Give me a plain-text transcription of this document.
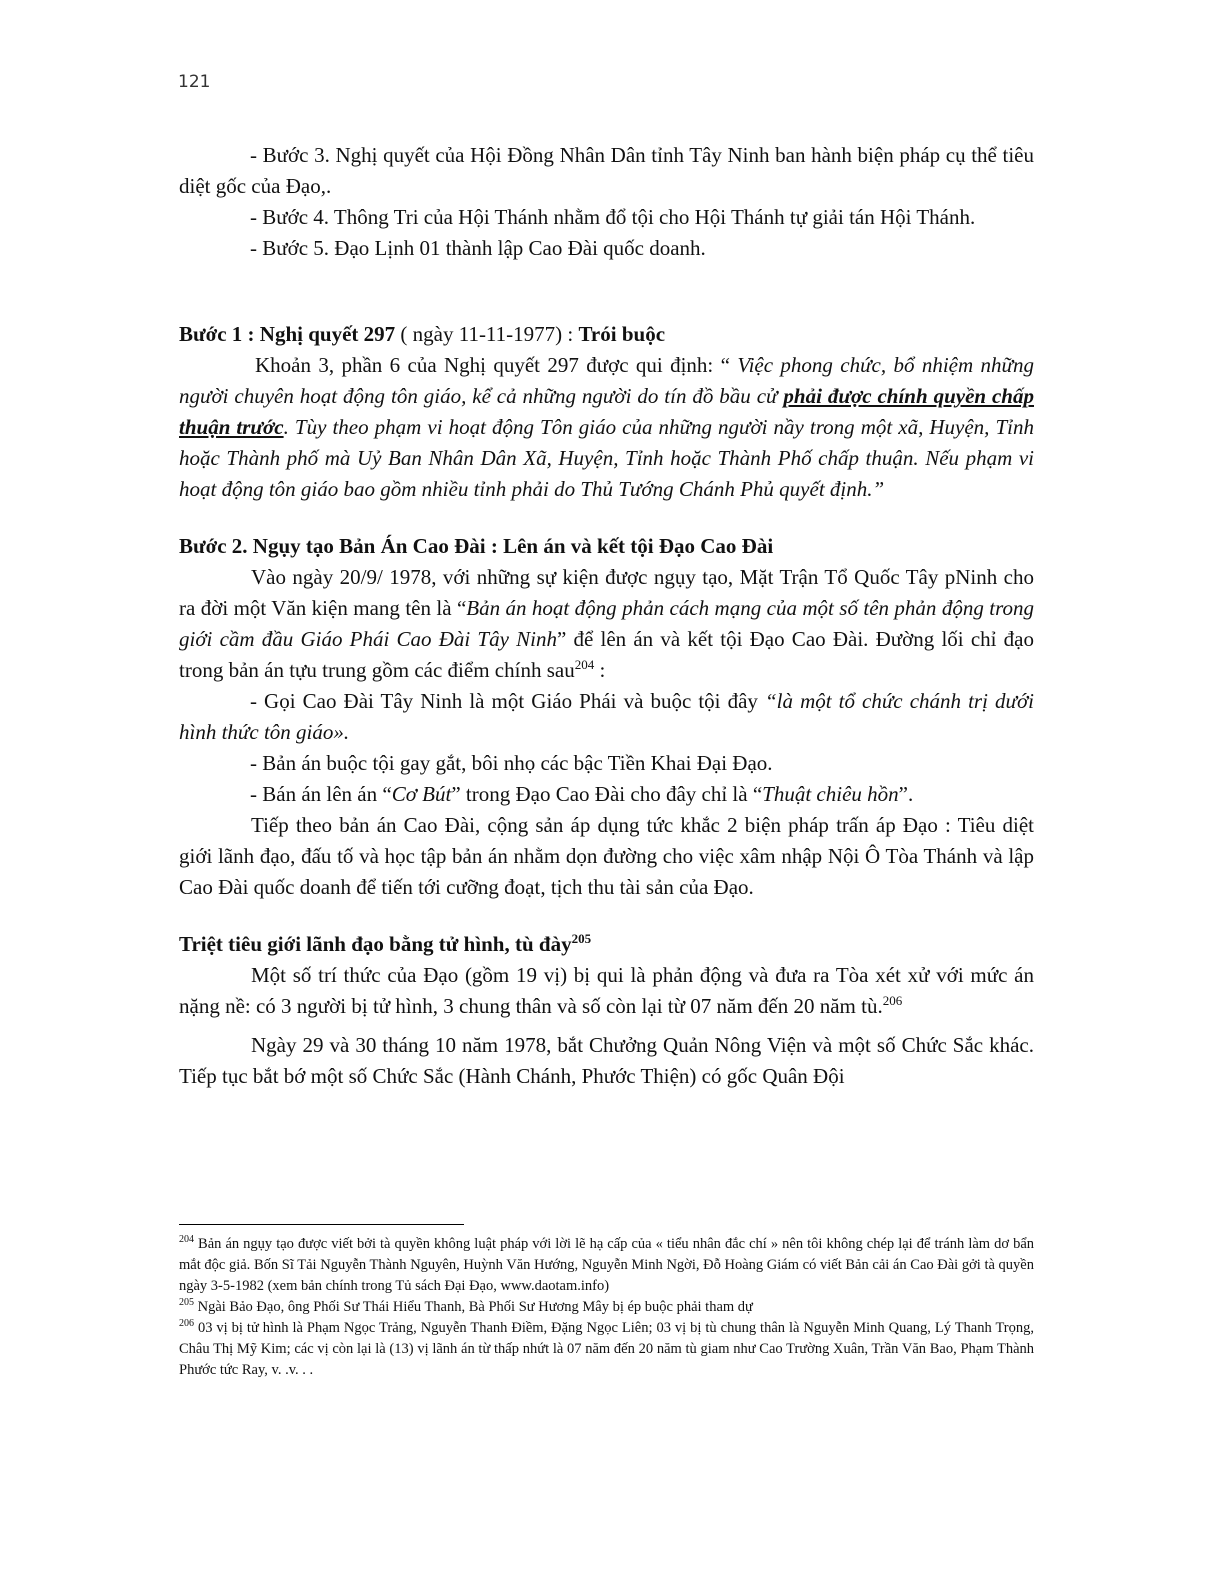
121

- Bước 3. Nghị quyết của Hội Đồng Nhân Dân tỉnh Tây Ninh ban hành biện pháp cụ thể tiêu diệt gốc của Đạo,.

- Bước 4. Thông Tri của Hội Thánh nhằm đổ tội cho Hội Thánh tự giải tán Hội Thánh.

- Bước 5. Đạo Lịnh 01 thành lập Cao Đài quốc doanh.

Bước 1 : Nghị quyết 297 ( ngày 11-11-1977) : Trói buộc

Khoản 3, phần 6 của Nghị quyết 297 được qui định: “ Việc phong chức, bổ nhiệm những người chuyên hoạt động tôn giáo, kể cả những người do tín đồ bầu cử phải được chính quyền chấp thuận trước. Tùy theo phạm vi hoạt động Tôn giáo của những người nầy trong một xã, Huyện, Tỉnh hoặc Thành phố mà Uỷ Ban Nhân Dân Xã, Huyện, Tỉnh hoặc Thành Phố chấp thuận. Nếu phạm vi hoạt động tôn giáo bao gồm nhiều tỉnh phải do Thủ Tướng Chánh Phủ quyết định.”

Bước 2. Ngụy tạo Bản Án Cao Đài : Lên án và kết tội Đạo Cao Đài

Vào ngày 20/9/ 1978, với những sự kiện được ngụy tạo, Mặt Trận Tổ Quốc Tây pNinh cho ra đời một Văn kiện mang tên là “Bản án hoạt động phản cách mạng của một số tên phản động trong giới cầm đầu Giáo Phái Cao Đài Tây Ninh” để lên án và kết tội Đạo Cao Đài. Đường lối chỉ đạo trong bản án tựu trung gồm các điểm chính sau$^{204}$ :

- Gọi Cao Đài Tây Ninh là một Giáo Phái và buộc tội đây “là một tổ chức chánh trị dưới hình thức tôn giáo».

- Bản án buộc tội gay gắt, bôi nhọ các bậc Tiền Khai Đại Đạo.

- Bán án lên án “Cơ Bút” trong Đạo Cao Đài cho đây chỉ là “Thuật chiêu hồn”.

Tiếp theo bản án Cao Đài, cộng sản áp dụng tức khắc 2 biện pháp trấn áp Đạo : Tiêu diệt giới lãnh đạo, đấu tố và học tập bản án nhằm dọn đường cho việc xâm nhập Nội Ô Tòa Thánh và lập Cao Đài quốc doanh để tiến tới cưỡng đoạt, tịch thu tài sản của Đạo.

Triệt tiêu giới lãnh đạo bằng tử hình, tù đày$^{205}$

Một số trí thức của Đạo (gồm 19 vị) bị qui là phản động và đưa ra Tòa xét xử với mức án nặng nề: có 3 người bị tử hình, 3 chung thân và số còn lại từ 07 năm đến 20 năm tù.$^{206}$

Ngày 29 và 30 tháng 10 năm 1978, bắt Chưởng Quản Nông Viện và một số Chức Sắc khác. Tiếp tục bắt bớ một số Chức Sắc (Hành Chánh, Phước Thiện) có gốc Quân Đội

$^{204}$ Bản án ngụy tạo được viết bởi tà quyền không luật pháp với lời lẽ hạ cấp của « tiểu nhân đắc chí » nên tôi không chép lại để tránh làm dơ bẩn mắt độc giả. Bốn Sĩ Tải Nguyễn Thành Nguyên, Huỳnh Văn Hướng, Nguyễn Minh Ngời, Đỗ Hoàng Giám có viết Bản cải án Cao Đài gởi tà quyền ngày 3-5-1982 (xem bản chính trong Tủ sách Đại Đạo, www.daotam.info)

$^{205}$ Ngài Bảo Đạo, ông Phối Sư Thái Hiểu Thanh, Bà Phối Sư Hương Mây bị ép buộc phải tham dự

$^{206}$ 03 vị bị tử hình là Phạm Ngọc Trảng, Nguyễn Thanh Điềm, Đặng Ngọc Liên; 03 vị bị tù chung thân là Nguyễn Minh Quang, Lý Thanh Trọng, Châu Thị Mỹ Kim; các vị còn lại là (13) vị lãnh án từ thấp nhứt là 07 năm đến 20 năm tù giam như Cao Trường Xuân, Trần Văn Bao, Phạm Thành Phước tức Ray, v. .v. . .
